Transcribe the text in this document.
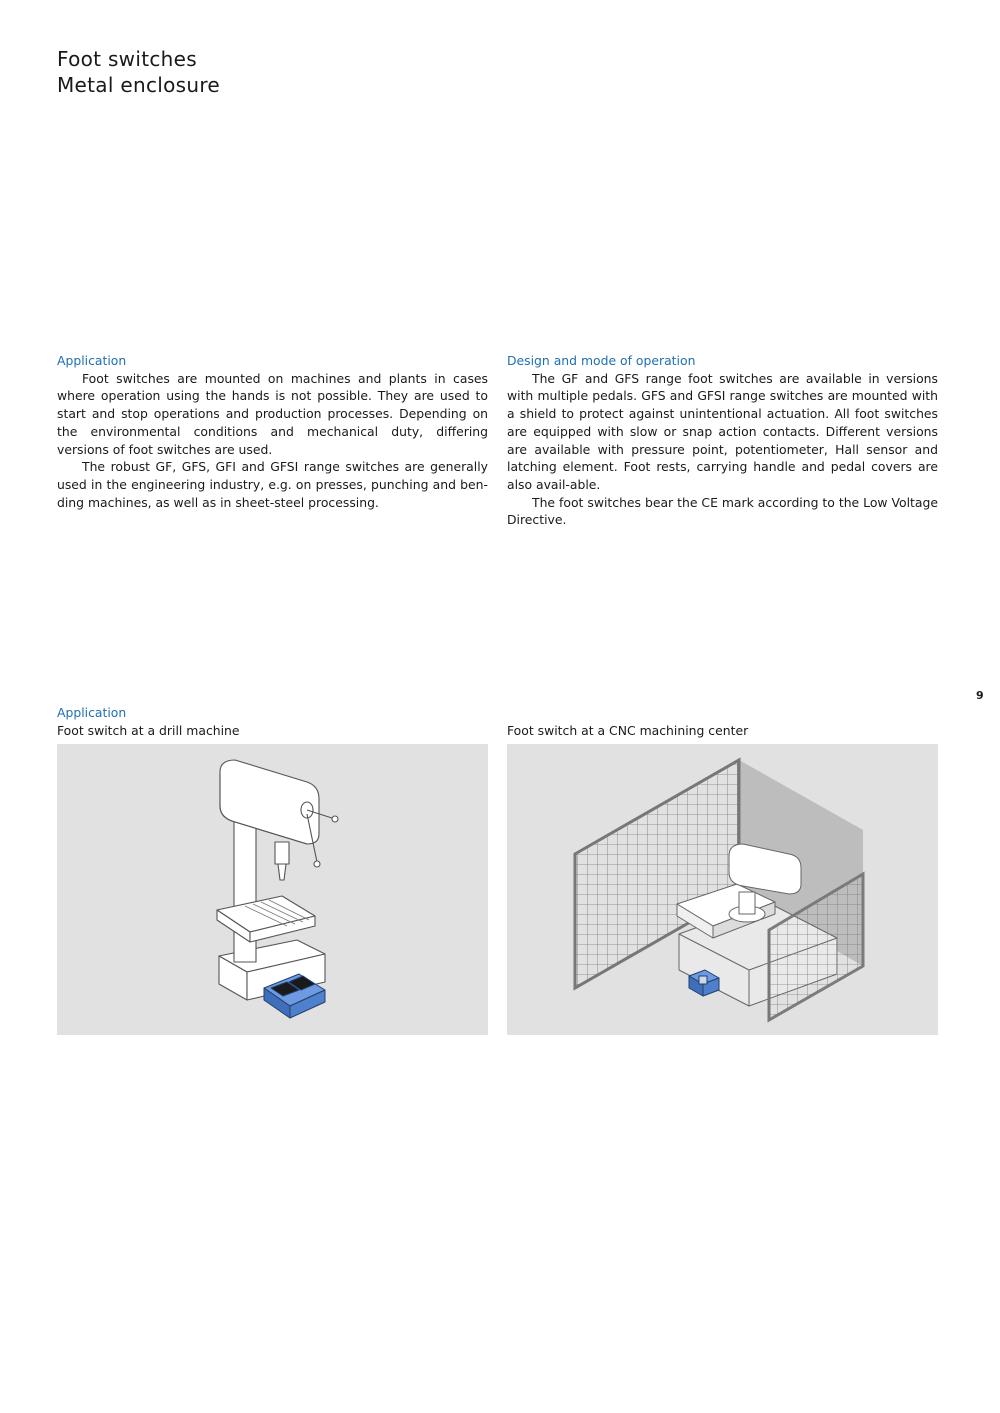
Foot switches
Metal enclosure
Application

Foot switches are mounted on machines and plants in cases where operation using the hands is not possible. They are used to start and stop operations and production processes. Depending on the environmental conditions and mechanical duty, differing versions of foot switches are used.

The robust GF, GFS, GFI and GFSI range switches are generally used in the engineering industry, e.g. on presses, punching and ben-ding machines, as well as in sheet-steel processing.

Design and mode of operation

The GF and GFS range foot switches are available in versions with multiple pedals. GFS and GFSI range switches are mounted with a shield to protect against unintentional actuation. All foot switches are equipped with slow or snap action contacts. Different versions are available with pressure point, potentiometer, Hall sensor and latching element. Foot rests, carrying handle and pedal covers are also avail-able.

The foot switches bear the CE mark according to the Low Voltage Directive.

9
Application
Foot switch at a drill machine	Foot switch at a CNC machining center
